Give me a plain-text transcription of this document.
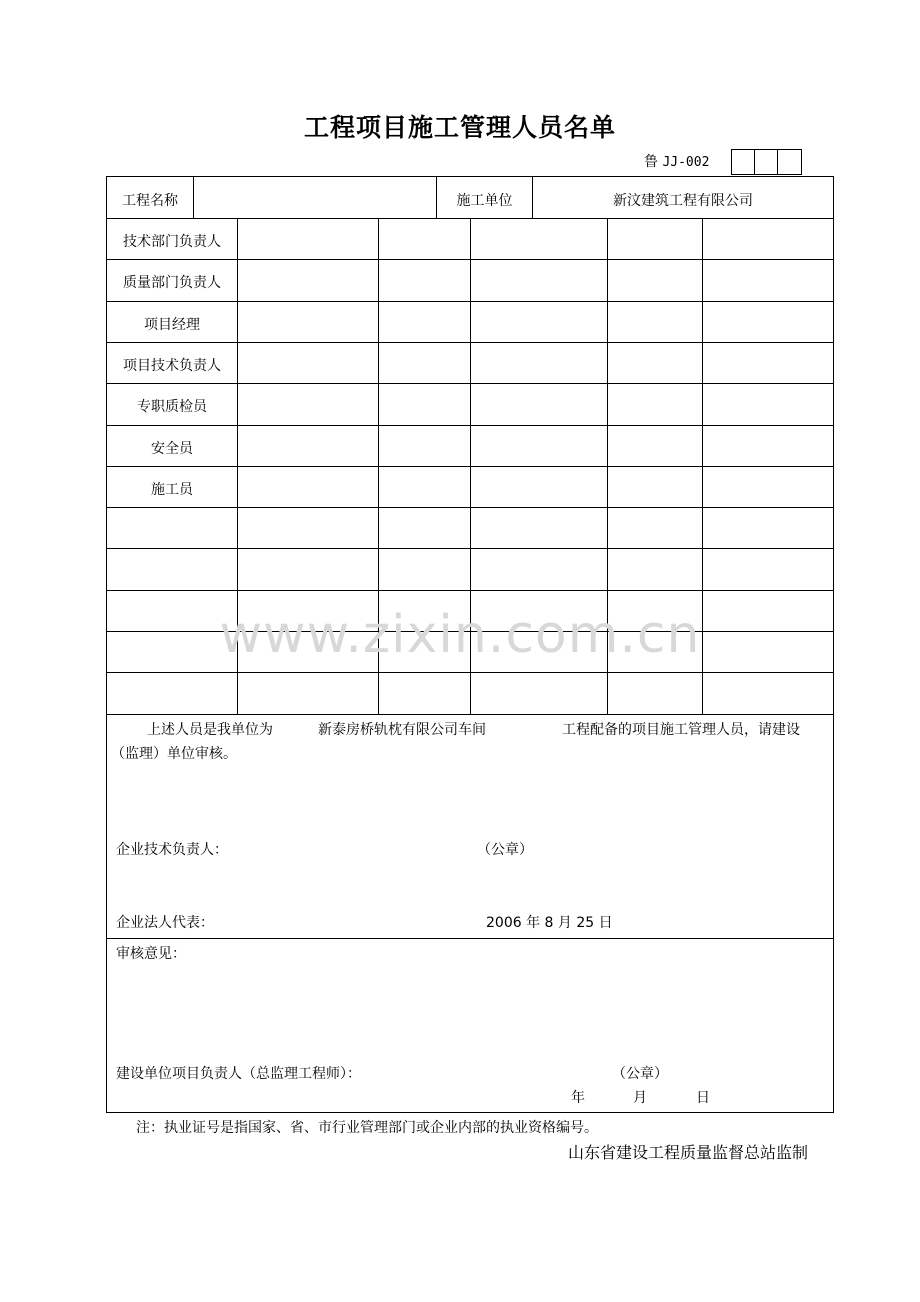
工程项目施工管理人员名单
鲁 JJ-002
工程名称	施工单位	新汶建筑工程有限公司
技术部门负责人
质量部门负责人
项目经理
项目技术负责人
专职质检员
安全员
施工员
上述人员是我单位为	新泰房桥轨枕有限公司车间	工程配备的项目施工管理人员，请建设
（监理）单位审核。
企业技术负责人：	（公章）
企业法人代表：	2006 年 8 月 25 日
审核意见：
建设单位项目负责人（总监理工程师）：	（公章）
年	月	日
www.zixin.com.cn
注：执业证号是指国家、省、市行业管理部门或企业内部的执业资格编号。
山东省建设工程质量监督总站监制
